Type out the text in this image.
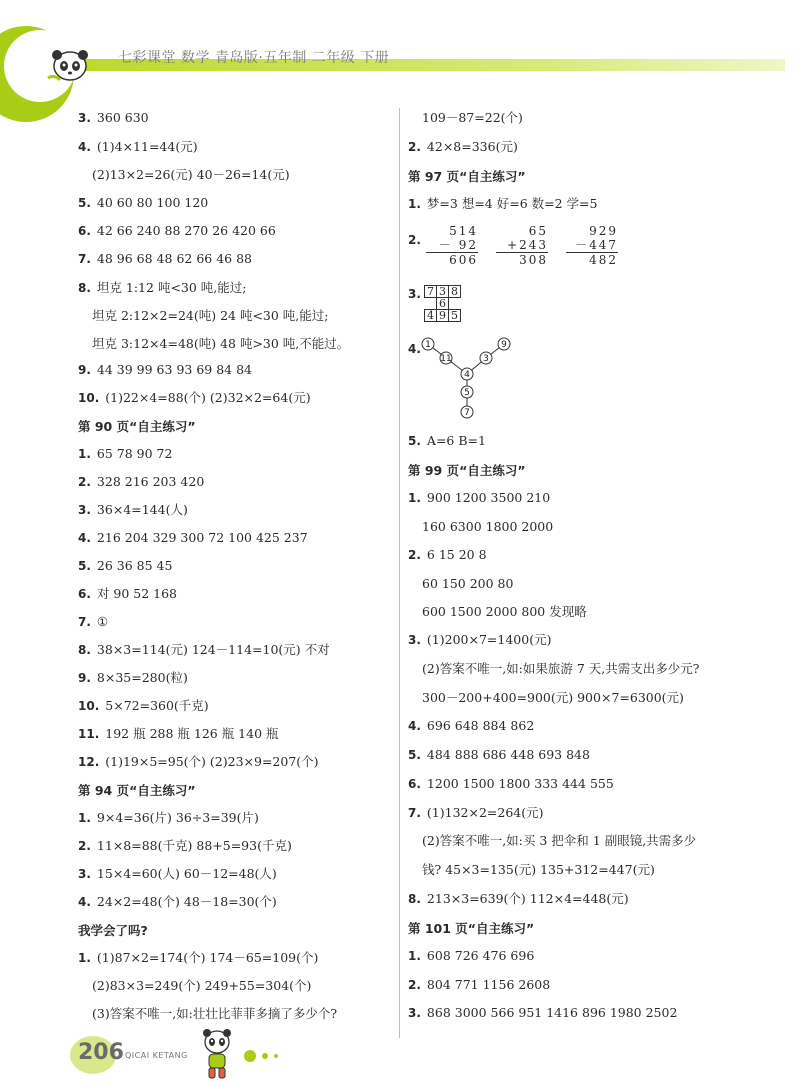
七彩课堂 数学 青岛版·五年制 二年级 下册
3. 360 630
4. (1)4×11=44(元)
(2)13×2=26(元) 40－26=14(元)
5. 40 60 80 100 120
6. 42 66 240 88 270 26 420 66
7. 48 96 68 48 62 66 46 88
8. 坦克 1:12 吨<30 吨,能过;
坦克 2:12×2=24(吨) 24 吨<30 吨,能过;
坦克 3:12×4=48(吨) 48 吨>30 吨,不能过。
9. 44 39 99 63 93 69 84 84
10. (1)22×4=88(个) (2)32×2=64(元)
第 90 页“自主练习”
1. 65 78 90 72
2. 328 216 203 420
3. 36×4=144(人)
4. 216 204 329 300 72 100 425 237
5. 26 36 85 45
6. 对 90 52 168
7. ①
8. 38×3=114(元) 124－114=10(元) 不对
9. 8×35=280(粒)
10. 5×72=360(千克)
11. 192 瓶 288 瓶 126 瓶 140 瓶
12. (1)19×5=95(个) (2)23×9=207(个)
第 94 页“自主练习”
1. 9×4=36(片) 36÷3=39(片)
2. 11×8=88(千克) 88+5=93(千克)
3. 15×4=60(人) 60－12=48(人)
4. 24×2=48(个) 48－18=30(个)
我学会了吗?
1. (1)87×2=174(个) 174－65=109(个)
(2)83×3=249(个) 249+55=304(个)
(3)答案不唯一,如:壮壮比菲菲多摘了多少个?
109－87=22(个)
2. 42×8=336(元)
第 97 页“自主练习”
1. 梦=3 想=4 好=6 数=2 学=5
2.
514
－ 92
606
65
+243
308
929
－447
482
3. 7	3	8
	6	
4	9	5
4. 1
11	3
9
4
5
7
5. A=6 B=1
第 99 页“自主练习”
1. 900 1200 3500 210
160 6300 1800 2000
2. 6 15 20 8
60 150 200 80
600 1500 2000 800 发现略
3. (1)200×7=1400(元)
(2)答案不唯一,如:如果旅游 7 天,共需支出多少元?
300－200+400=900(元) 900×7=6300(元)
4. 696 648 884 862
5. 484 888 686 448 693 848
6. 1200 1500 1800 333 444 555
7. (1)132×2=264(元)
(2)答案不唯一,如:买 3 把伞和 1 副眼镜,共需多少
钱? 45×3=135(元) 135+312=447(元)
8. 213×3=639(个) 112×4=448(元)
第 101 页“自主练习”
1. 608 726 476 696
2. 804 771 1156 2608
3. 868 3000 566 951 1416 896 1980 2502
206 QICAI KETANG
